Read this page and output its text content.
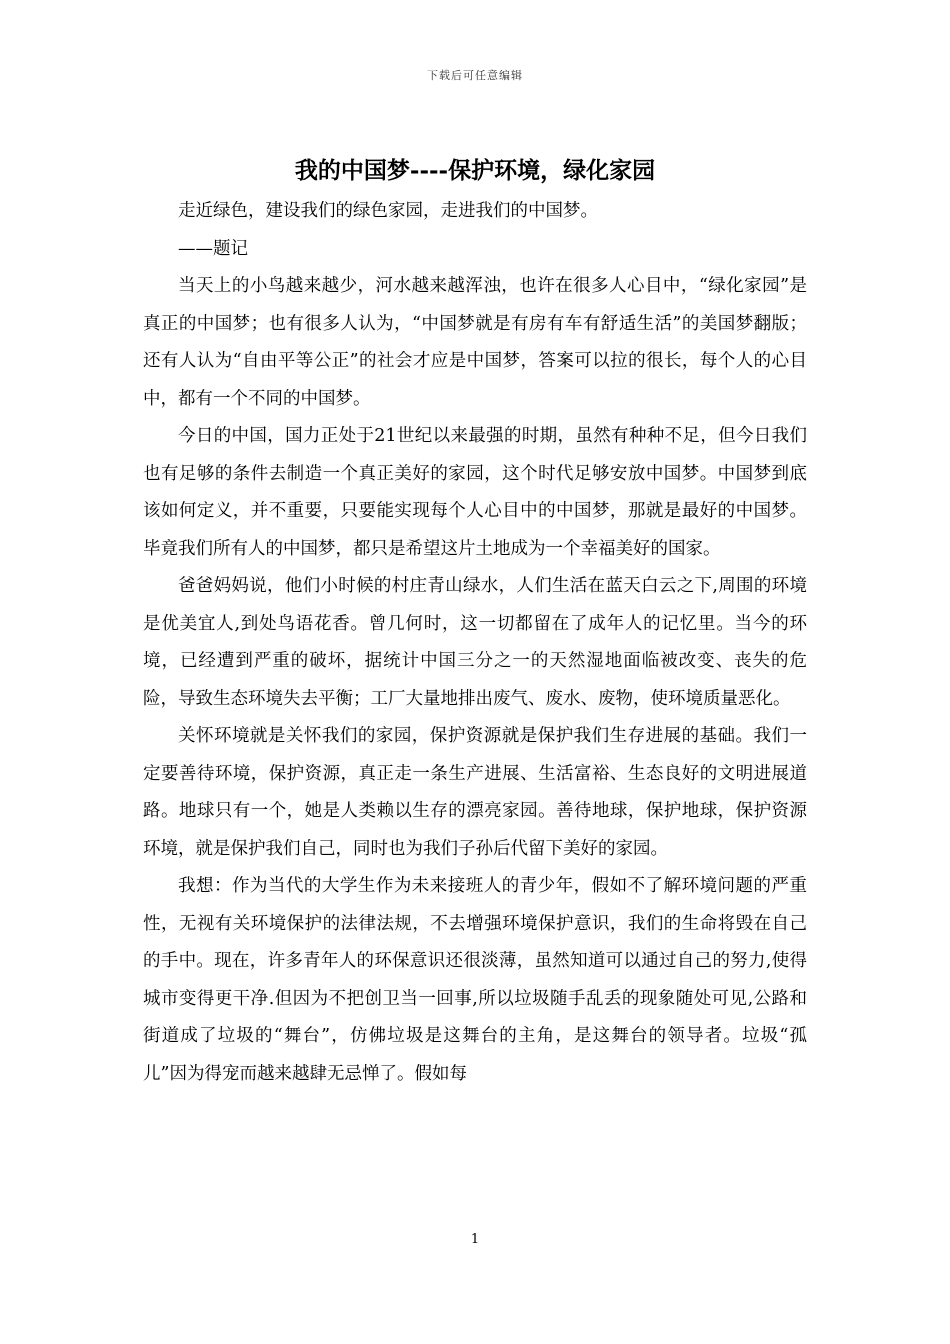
下载后可任意编辑
我的中国梦----保护环境，绿化家园

走近绿色，建设我们的绿色家园，走进我们的中国梦。

——题记

当天上的小鸟越来越少，河水越来越浑浊，也许在很多人心目中，“绿化家园”是真正的中国梦；也有很多人认为，“中国梦就是有房有车有舒适生活”的美国梦翻版；还有人认为“自由平等公正”的社会才应是中国梦，答案可以拉的很长，每个人的心目中，都有一个不同的中国梦。

今日的中国，国力正处于21世纪以来最强的时期，虽然有种种不足，但今日我们也有足够的条件去制造一个真正美好的家园，这个时代足够安放中国梦。中国梦到底该如何定义，并不重要，只要能实现每个人心目中的中国梦，那就是最好的中国梦。毕竟我们所有人的中国梦，都只是希望这片土地成为一个幸福美好的国家。

爸爸妈妈说，他们小时候的村庄青山绿水，人们生活在蓝天白云之下,周围的环境是优美宜人,到处鸟语花香。曾几何时，这一切都留在了成年人的记忆里。当今的环境，已经遭到严重的破坏，据统计中国三分之一的天然湿地面临被改变、丧失的危险，导致生态环境失去平衡；工厂大量地排出废气、废水、废物，使环境质量恶化。

关怀环境就是关怀我们的家园，保护资源就是保护我们生存进展的基础。我们一定要善待环境，保护资源，真正走一条生产进展、生活富裕、生态良好的文明进展道路。地球只有一个，她是人类赖以生存的漂亮家园。善待地球，保护地球，保护资源环境，就是保护我们自己，同时也为我们子孙后代留下美好的家园。

我想：作为当代的大学生作为未来接班人的青少年，假如不了解环境问题的严重性，无视有关环境保护的法律法规，不去增强环境保护意识，我们的生命将毁在自己的手中。现在，许多青年人的环保意识还很淡薄，虽然知道可以通过自己的努力,使得城市变得更干净.但因为不把创卫当一回事,所以垃圾随手乱丢的现象随处可见,公路和街道成了垃圾的“舞台”，仿佛垃圾是这舞台的主角，是这舞台的领导者。垃圾“孤儿”因为得宠而越来越肆无忌惮了。假如每

1
